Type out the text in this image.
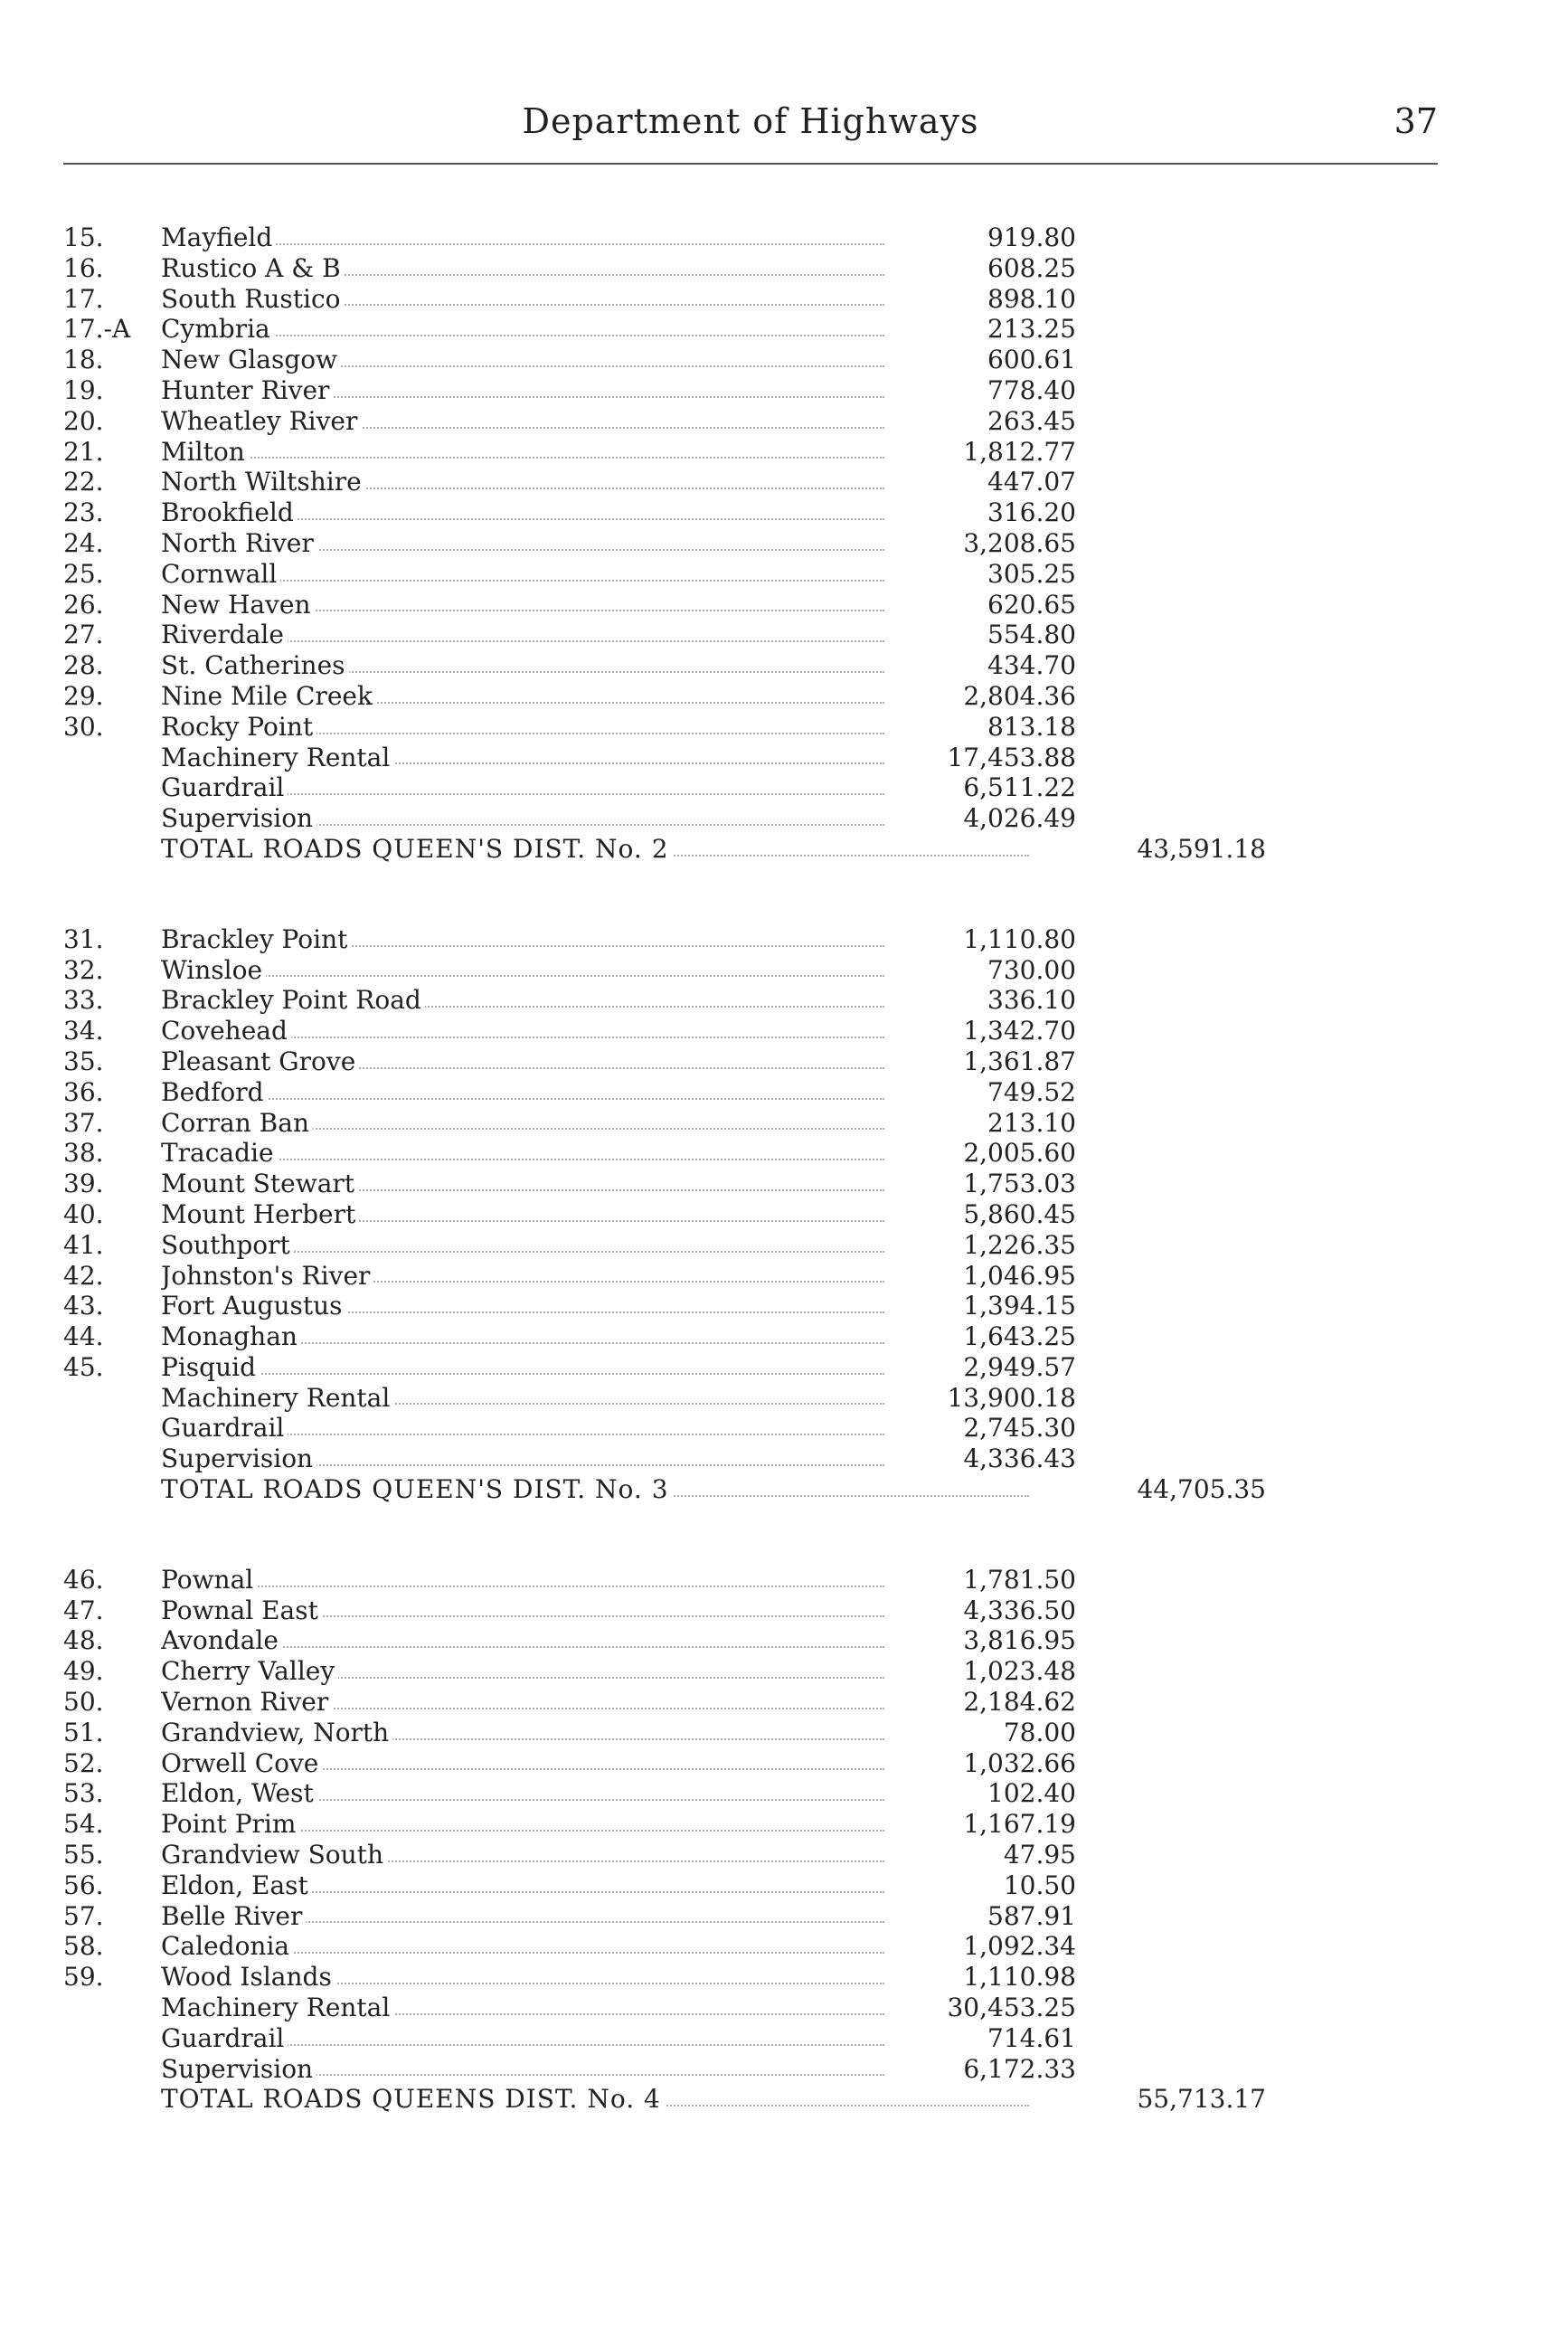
Department of Highways	37

15.	Mayfield	919.80
16.	Rustico A & B	608.25
17.	South Rustico	898.10
17.-A	Cymbria	213.25
18.	New Glasgow	600.61
19.	Hunter River	778.40
20.	Wheatley River	263.45
21.	Milton	1,812.77
22.	North Wiltshire	447.07
23.	Brookfield	316.20
24.	North River	3,208.65
25.	Cornwall	305.25
26.	New Haven	620.65
27.	Riverdale	554.80
28.	St. Catherines	434.70
29.	Nine Mile Creek	2,804.36
30.	Rocky Point	813.18
Machinery Rental	17,453.88
Guardrail	6,511.22
Supervision	4,026.49
TOTAL ROADS QUEEN'S DIST. No. 2	43,591.18
31.	Brackley Point	1,110.80
32.	Winsloe	730.00
33.	Brackley Point Road	336.10
34.	Covehead	1,342.70
35.	Pleasant Grove	1,361.87
36.	Bedford	749.52
37.	Corran Ban	213.10
38.	Tracadie	2,005.60
39.	Mount Stewart	1,753.03
40.	Mount Herbert	5,860.45
41.	Southport	1,226.35
42.	Johnston's River	1,046.95
43.	Fort Augustus	1,394.15
44.	Monaghan	1,643.25
45.	Pisquid	2,949.57
Machinery Rental	13,900.18
Guardrail	2,745.30
Supervision	4,336.43
TOTAL ROADS QUEEN'S DIST. No. 3	44,705.35
46.	Pownal	1,781.50
47.	Pownal East	4,336.50
48.	Avondale	3,816.95
49.	Cherry Valley	1,023.48
50.	Vernon River	2,184.62
51.	Grandview, North	78.00
52.	Orwell Cove	1,032.66
53.	Eldon, West	102.40
54.	Point Prim	1,167.19
55.	Grandview South	47.95
56.	Eldon, East	10.50
57.	Belle River	587.91
58.	Caledonia	1,092.34
59.	Wood Islands	1,110.98
Machinery Rental	30,453.25
Guardrail	714.61
Supervision	6,172.33
TOTAL ROADS QUEENS DIST. No. 4	55,713.17
